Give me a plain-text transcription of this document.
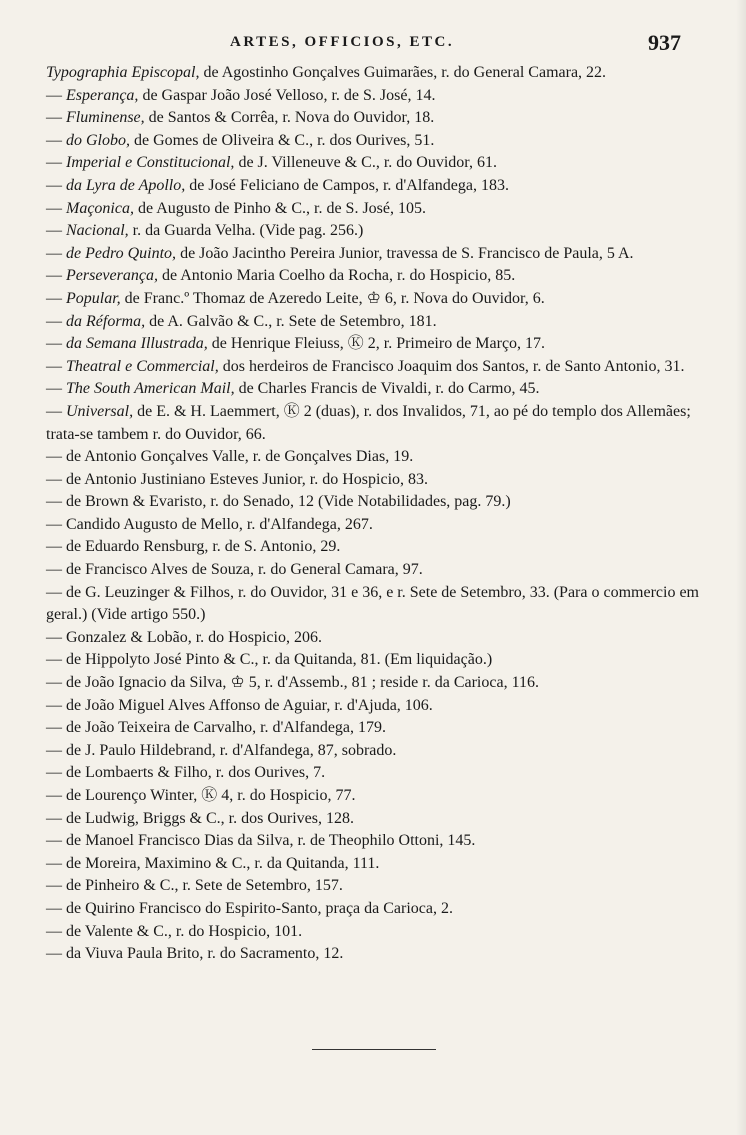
ARTES, OFFICIOS, ETC.	937
Typographia Episcopal, de Agostinho Gonçalves Guimarães, r. do General Camara, 22.
— Esperança, de Gaspar João José Velloso, r. de S. José, 14.
— Fluminense, de Santos & Corrêa, r. Nova do Ouvidor, 18.
— do Globo, de Gomes de Oliveira & C., r. dos Ourives, 51.
— Imperial e Constitucional, de J. Villeneuve & C., r. do Ouvidor, 61.
— da Lyra de Apollo, de José Feliciano de Campos, r. d'Alfandega, 183.
— Maçonica, de Augusto de Pinho & C., r. de S. José, 105.
— Nacional, r. da Guarda Velha. (Vide pag. 256.)
— de Pedro Quinto, de João Jacintho Pereira Junior, travessa de S. Francisco de Paula, 5 A.
— Perseverança, de Antonio Maria Coelho da Rocha, r. do Hospicio, 85.
— Popular, de Franc.º Thomaz de Azeredo Leite, ♔ 6, r. Nova do Ouvidor, 6.
— da Réforma, de A. Galvão & C., r. Sete de Setembro, 181.
— da Semana Illustrada, de Henrique Fleiuss, Ⓚ 2, r. Primeiro de Março, 17.
— Theatral e Commercial, dos herdeiros de Francisco Joaquim dos Santos, r. de Santo Antonio, 31.
— The South American Mail, de Charles Francis de Vivaldi, r. do Carmo, 45.
— Universal, de E. & H. Laemmert, Ⓚ 2 (duas), r. dos Invalidos, 71, ao pé do templo dos Allemães; trata-se tambem r. do Ouvidor, 66.
— de Antonio Gonçalves Valle, r. de Gonçalves Dias, 19.
— de Antonio Justiniano Esteves Junior, r. do Hospicio, 83.
— de Brown & Evaristo, r. do Senado, 12 (Vide Notabilidades, pag. 79.)
— Candido Augusto de Mello, r. d'Alfandega, 267.
— de Eduardo Rensburg, r. de S. Antonio, 29.
— de Francisco Alves de Souza, r. do General Camara, 97.
— de G. Leuzinger & Filhos, r. do Ouvidor, 31 e 36, e r. Sete de Setembro, 33. (Para o commercio em geral.) (Vide artigo 550.)
— Gonzalez & Lobão, r. do Hospicio, 206.
— de Hippolyto José Pinto & C., r. da Quitanda, 81. (Em liquidação.)
— de João Ignacio da Silva, ♔ 5, r. d'Assemb., 81 ; reside r. da Carioca, 116.
— de João Miguel Alves Affonso de Aguiar, r. d'Ajuda, 106.
— de João Teixeira de Carvalho, r. d'Alfandega, 179.
— de J. Paulo Hildebrand, r. d'Alfandega, 87, sobrado.
— de Lombaerts & Filho, r. dos Ourives, 7.
— de Lourenço Winter, Ⓚ 4, r. do Hospicio, 77.
— de Ludwig, Briggs & C., r. dos Ourives, 128.
— de Manoel Francisco Dias da Silva, r. de Theophilo Ottoni, 145.
— de Moreira, Maximino & C., r. da Quitanda, 111.
— de Pinheiro & C., r. Sete de Setembro, 157.
— de Quirino Francisco do Espirito-Santo, praça da Carioca, 2.
— de Valente & C., r. do Hospicio, 101.
— da Viuva Paula Brito, r. do Sacramento, 12.
